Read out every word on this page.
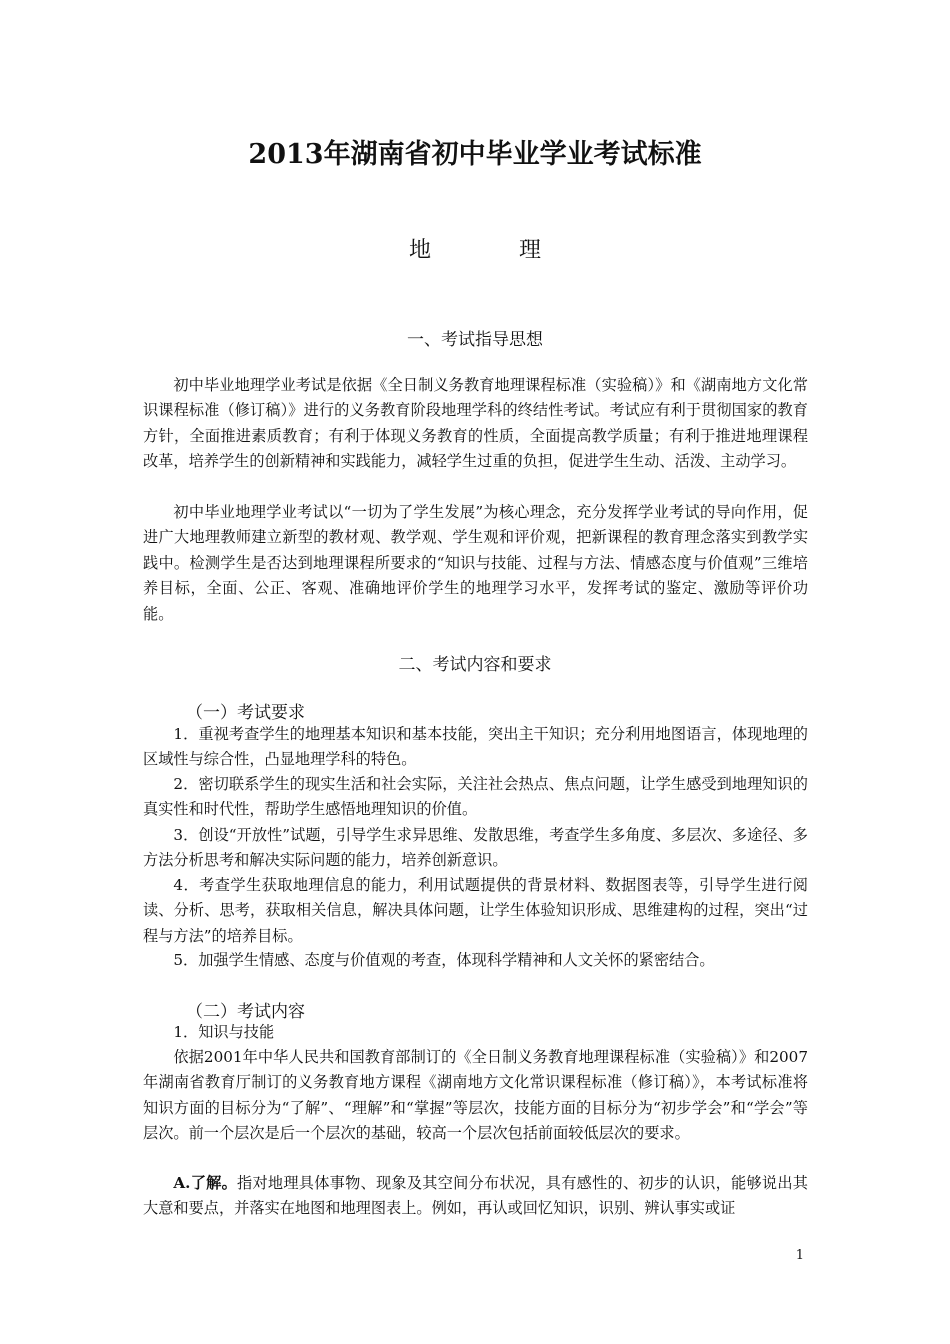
2013年湖南省初中毕业学业考试标准
地	理
一、考试指导思想

初中毕业地理学业考试是依据《全日制义务教育地理课程标准（实验稿）》和《湖南地方文化常识课程标准（修订稿）》进行的义务教育阶段地理学科的终结性考试。考试应有利于贯彻国家的教育方针，全面推进素质教育；有利于体现义务教育的性质，全面提高教学质量；有利于推进地理课程改革，培养学生的创新精神和实践能力，减轻学生过重的负担，促进学生生动、活泼、主动学习。

初中毕业地理学业考试以“一切为了学生发展”为核心理念，充分发挥学业考试的导向作用，促进广大地理教师建立新型的教材观、教学观、学生观和评价观，把新课程的教育理念落实到教学实践中。检测学生是否达到地理课程所要求的“知识与技能、过程与方法、情感态度与价值观”三维培养目标，全面、公正、客观、准确地评价学生的地理学习水平，发挥考试的鉴定、激励等评价功能。

二、考试内容和要求
（一）考试要求

1．重视考查学生的地理基本知识和基本技能，突出主干知识；充分利用地图语言，体现地理的区域性与综合性，凸显地理学科的特色。

2．密切联系学生的现实生活和社会实际，关注社会热点、焦点问题，让学生感受到地理知识的真实性和时代性，帮助学生感悟地理知识的价值。

3．创设“开放性”试题，引导学生求异思维、发散思维，考查学生多角度、多层次、多途径、多方法分析思考和解决实际问题的能力，培养创新意识。

4．考查学生获取地理信息的能力，利用试题提供的背景材料、数据图表等，引导学生进行阅读、分析、思考，获取相关信息，解决具体问题，让学生体验知识形成、思维建构的过程，突出“过程与方法”的培养目标。

5．加强学生情感、态度与价值观的考查，体现科学精神和人文关怀的紧密结合。

（二）考试内容

1．知识与技能

依据2001年中华人民共和国教育部制订的《全日制义务教育地理课程标准（实验稿）》和2007年湖南省教育厅制订的义务教育地方课程《湖南地方文化常识课程标准（修订稿）》，本考试标准将知识方面的目标分为“了解”、“理解”和“掌握”等层次，技能方面的目标分为“初步学会”和“学会”等层次。前一个层次是后一个层次的基础，较高一个层次包括前面较低层次的要求。

A.了解。指对地理具体事物、现象及其空间分布状况，具有感性的、初步的认识，能够说出其大意和要点，并落实在地图和地理图表上。例如，再认或回忆知识，识别、辨认事实或证

1
